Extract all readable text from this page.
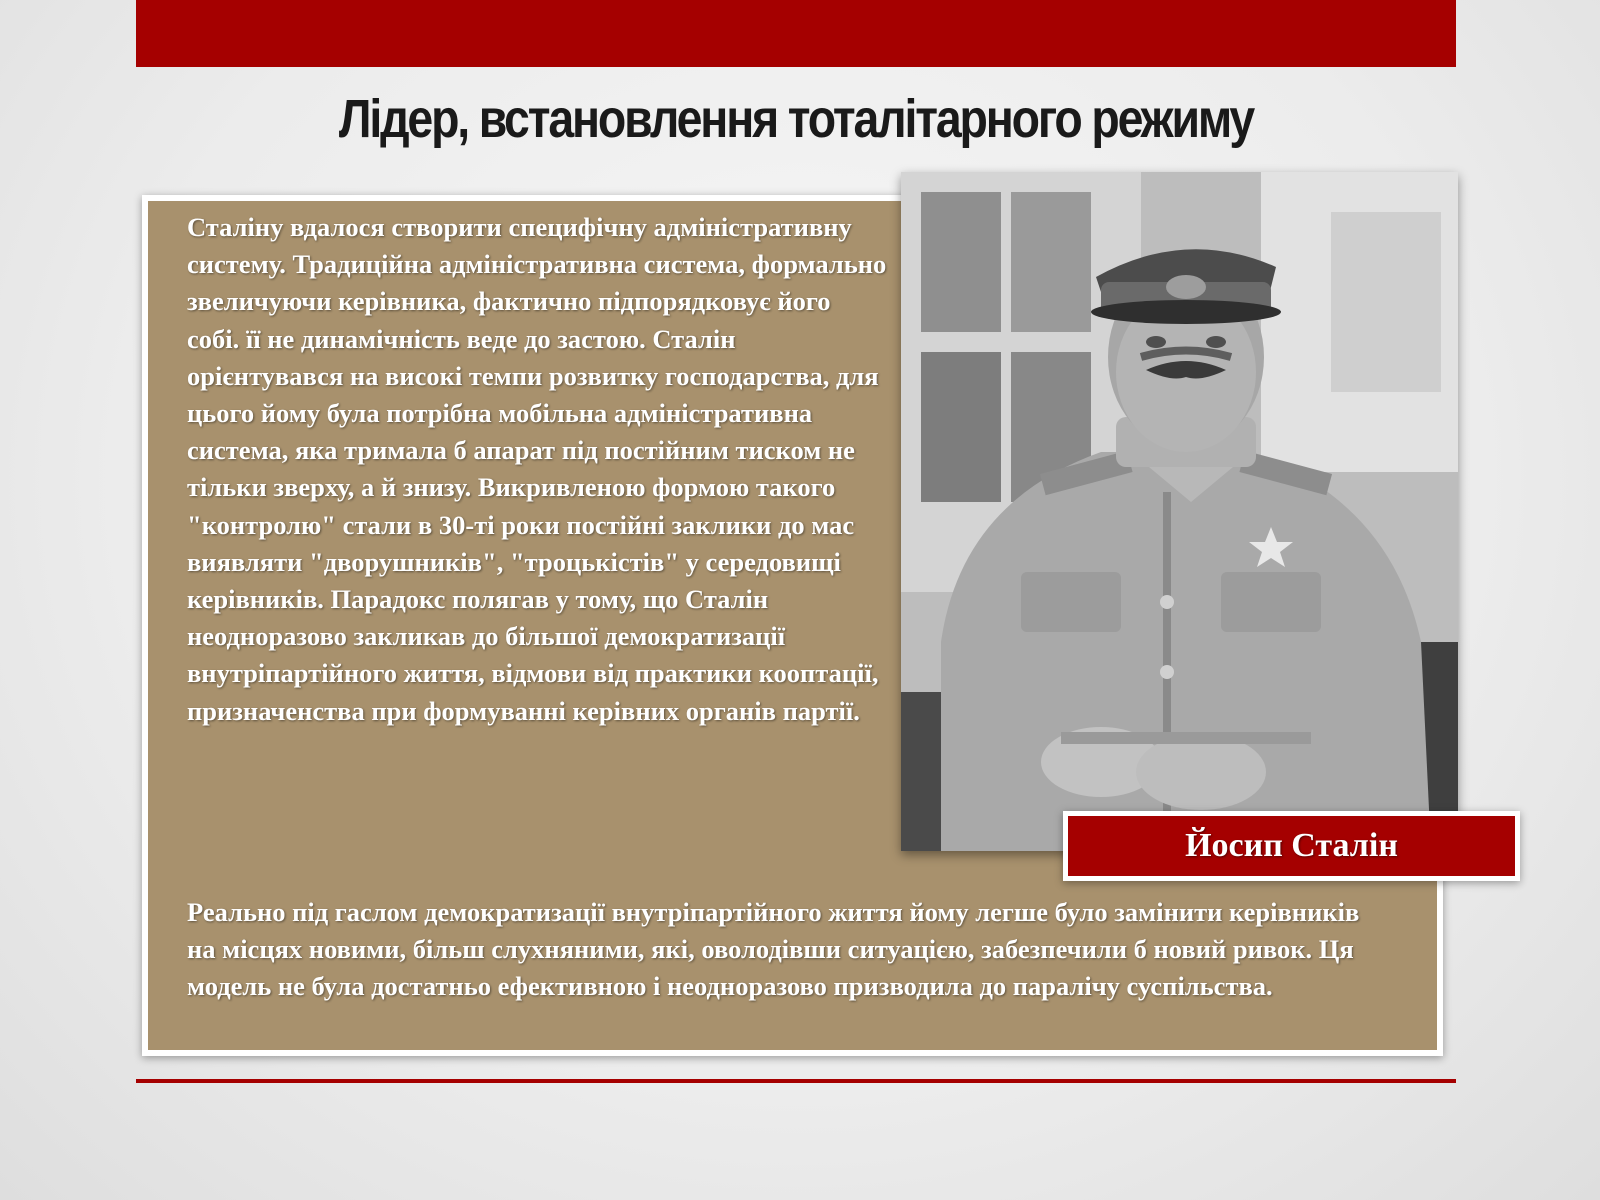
Лідер, встановлення тоталітарного режиму
Сталіну вдалося створити специфічну адміністративну систему. Традиційна адміністративна система, формально звеличуючи керівника, фактично підпорядковує його собі. її не динамічність веде до застою. Сталін орієнтувався на високі темпи розвитку господарства, для цього йому була потрібна мобільна адміністративна система, яка тримала б апарат під постійним тиском не тільки зверху, а й знизу. Викривленою формою такого "контролю" стали в 30-ті роки постійні заклики до мас виявляти "дворушників", "троцькістів" у середовищі керівників. Парадокс полягав у тому, що Сталін неодноразово закликав до більшої демократизації внутріпартійного життя, відмови від практики кооптації, призначенства при формуванні керівних органів партії.
Реально під гаслом демократизації внутріпартійного життя йому легше було замінити керівників на місцях новими, більш слухняними, які, оволодівши ситуацією, забезпечили б новий ривок. Ця модель не була достатньо ефективною і неодноразово призводила до паралічу суспільства.
Йосип Сталін
